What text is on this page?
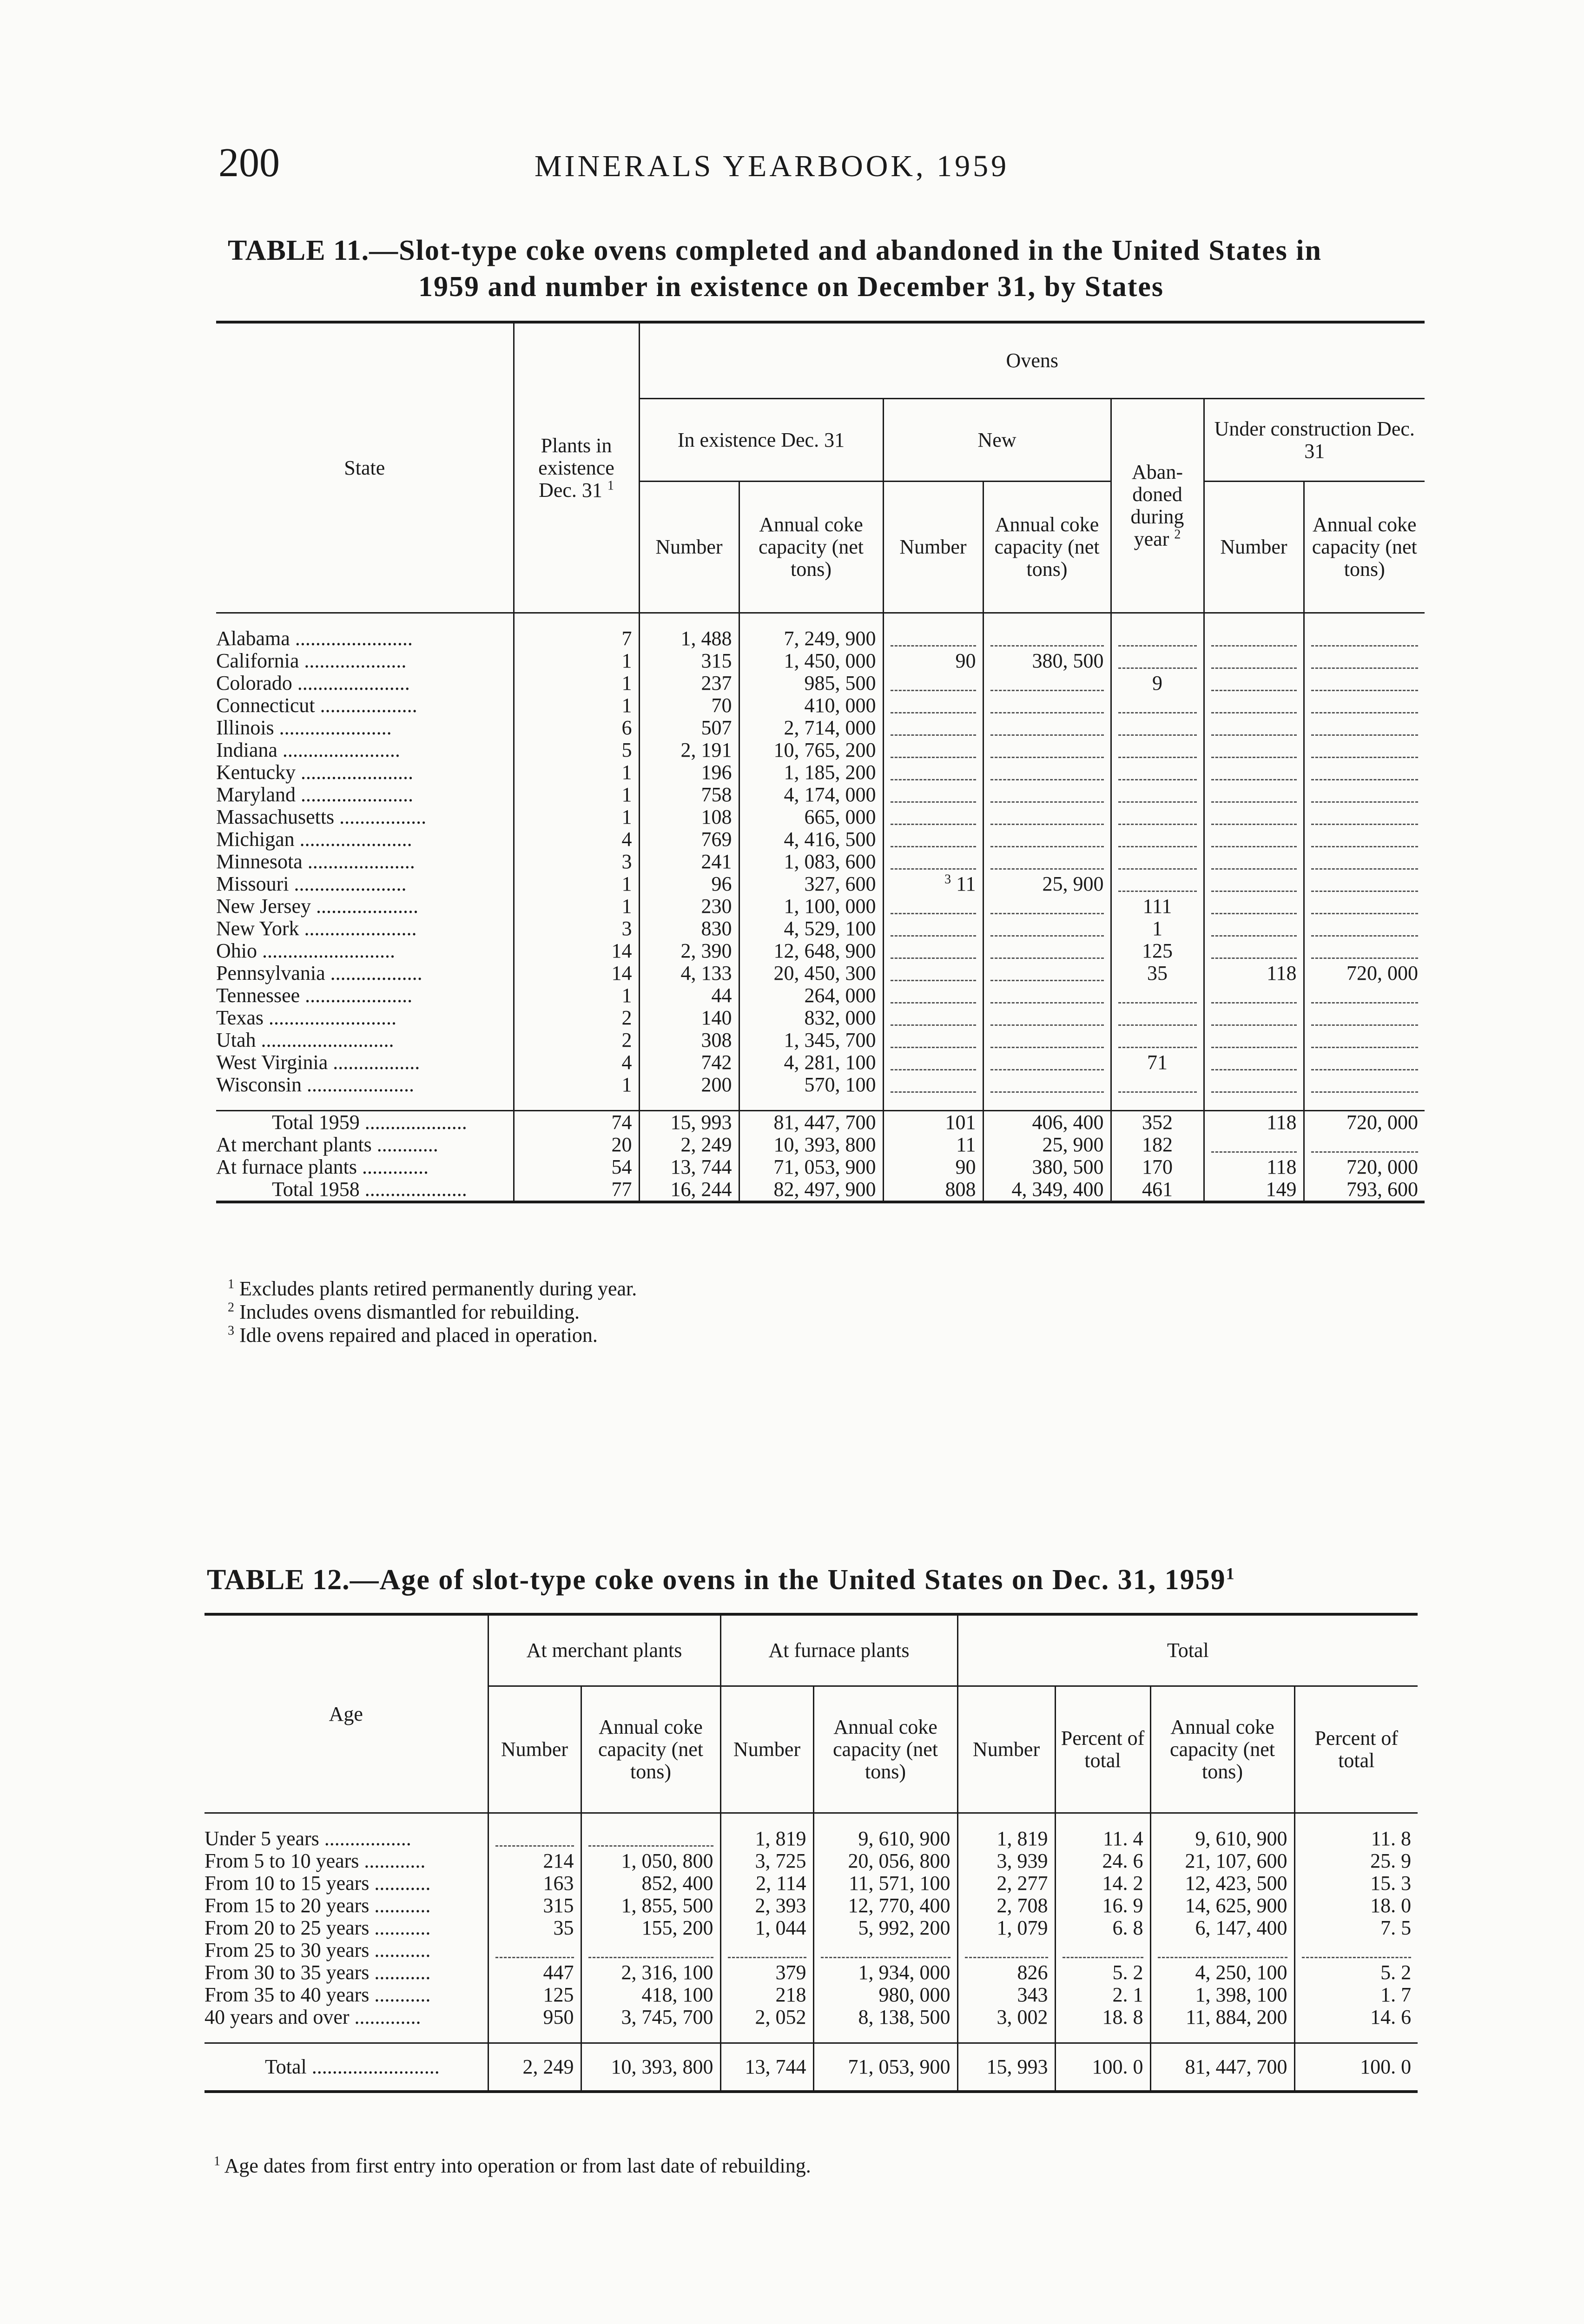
200	MINERALS YEARBOOK, 1959
TABLE 11.—Slot-type coke ovens completed and abandoned in the United States in
1959 and number in existence on December 31, by States
State	Plants in existence Dec. 31 $^1$	Ovens						
		In existence Dec. 31		New		Abandoned during year $^2$	Under construction Dec. 31	
		Number	Annual coke capacity (net tons)	Number	Annual coke capacity (net tons)		Number	Annual coke capacity (net tons)

Alabama .......................	7	1, 488	7, 249, 900					
California ....................	1	315	1, 450, 000	90	380, 500			
Colorado ......................	1	237	985, 500			9		
Connecticut ...................	1	70	410, 000					
Illinois ......................	6	507	2, 714, 000					
Indiana .......................	5	2, 191	10, 765, 200					
Kentucky ......................	1	196	1, 185, 200					
Maryland ......................	1	758	4, 174, 000					
Massachusetts .................	1	108	665, 000					
Michigan ......................	4	769	4, 416, 500					
Minnesota .....................	3	241	1, 083, 600					
Missouri ......................	1	96	327, 600	$^3$ 11	25, 900			
New Jersey ....................	1	230	1, 100, 000			111		
New York ......................	3	830	4, 529, 100			1		
Ohio ..........................	14	2, 390	12, 648, 900			125		
Pennsylvania ..................	14	4, 133	20, 450, 300			35	118	720, 000
Tennessee .....................	1	44	264, 000					
Texas .........................	2	140	832, 000					
Utah ..........................	2	308	1, 345, 700					
West Virginia .................	4	742	4, 281, 100			71		
Wisconsin .....................	1	200	570, 100					

Total 1959 ....................	74	15, 993	81, 447, 700	101	406, 400	352	118	720, 000
At merchant plants ............	20	2, 249	10, 393, 800	11	25, 900	182		
At furnace plants .............	54	13, 744	71, 053, 900	90	380, 500	170	118	720, 000
Total 1958 ....................	77	16, 244	82, 497, 900	808	4, 349, 400	461	149	793, 600
$^1$ Excludes plants retired permanently during year.
$^2$ Includes ovens dismantled for rebuilding.
$^3$ Idle ovens repaired and placed in operation.
TABLE 12.—Age of slot-type coke ovens in the United States on Dec. 31, 1959$^1$
Age	At merchant plants		At furnace plants		Total			
	Number	Annual coke capacity (net tons)	Number	Annual coke capacity (net tons)	Number	Percent of total	Annual coke capacity (net tons)	Percent of total

Under 5 years .................			1, 819	9, 610, 900	1, 819	11. 4	9, 610, 900	11. 8
From 5 to 10 years ............	214	1, 050, 800	3, 725	20, 056, 800	3, 939	24. 6	21, 107, 600	25. 9
From 10 to 15 years ...........	163	852, 400	2, 114	11, 571, 100	2, 277	14. 2	12, 423, 500	15. 3
From 15 to 20 years ...........	315	1, 855, 500	2, 393	12, 770, 400	2, 708	16. 9	14, 625, 900	18. 0
From 20 to 25 years ...........	35	155, 200	1, 044	5, 992, 200	1, 079	6. 8	6, 147, 400	7. 5
From 25 to 30 years ...........								
From 30 to 35 years ...........	447	2, 316, 100	379	1, 934, 000	826	5. 2	4, 250, 100	5. 2
From 35 to 40 years ...........	125	418, 100	218	980, 000	343	2. 1	1, 398, 100	1. 7
40 years and over .............	950	3, 745, 700	2, 052	8, 138, 500	3, 002	18. 8	11, 884, 200	14. 6

Total .........................	2, 249	10, 393, 800	13, 744	71, 053, 900	15, 993	100. 0	81, 447, 700	100. 0
$^1$ Age dates from first entry into operation or from last date of rebuilding.
